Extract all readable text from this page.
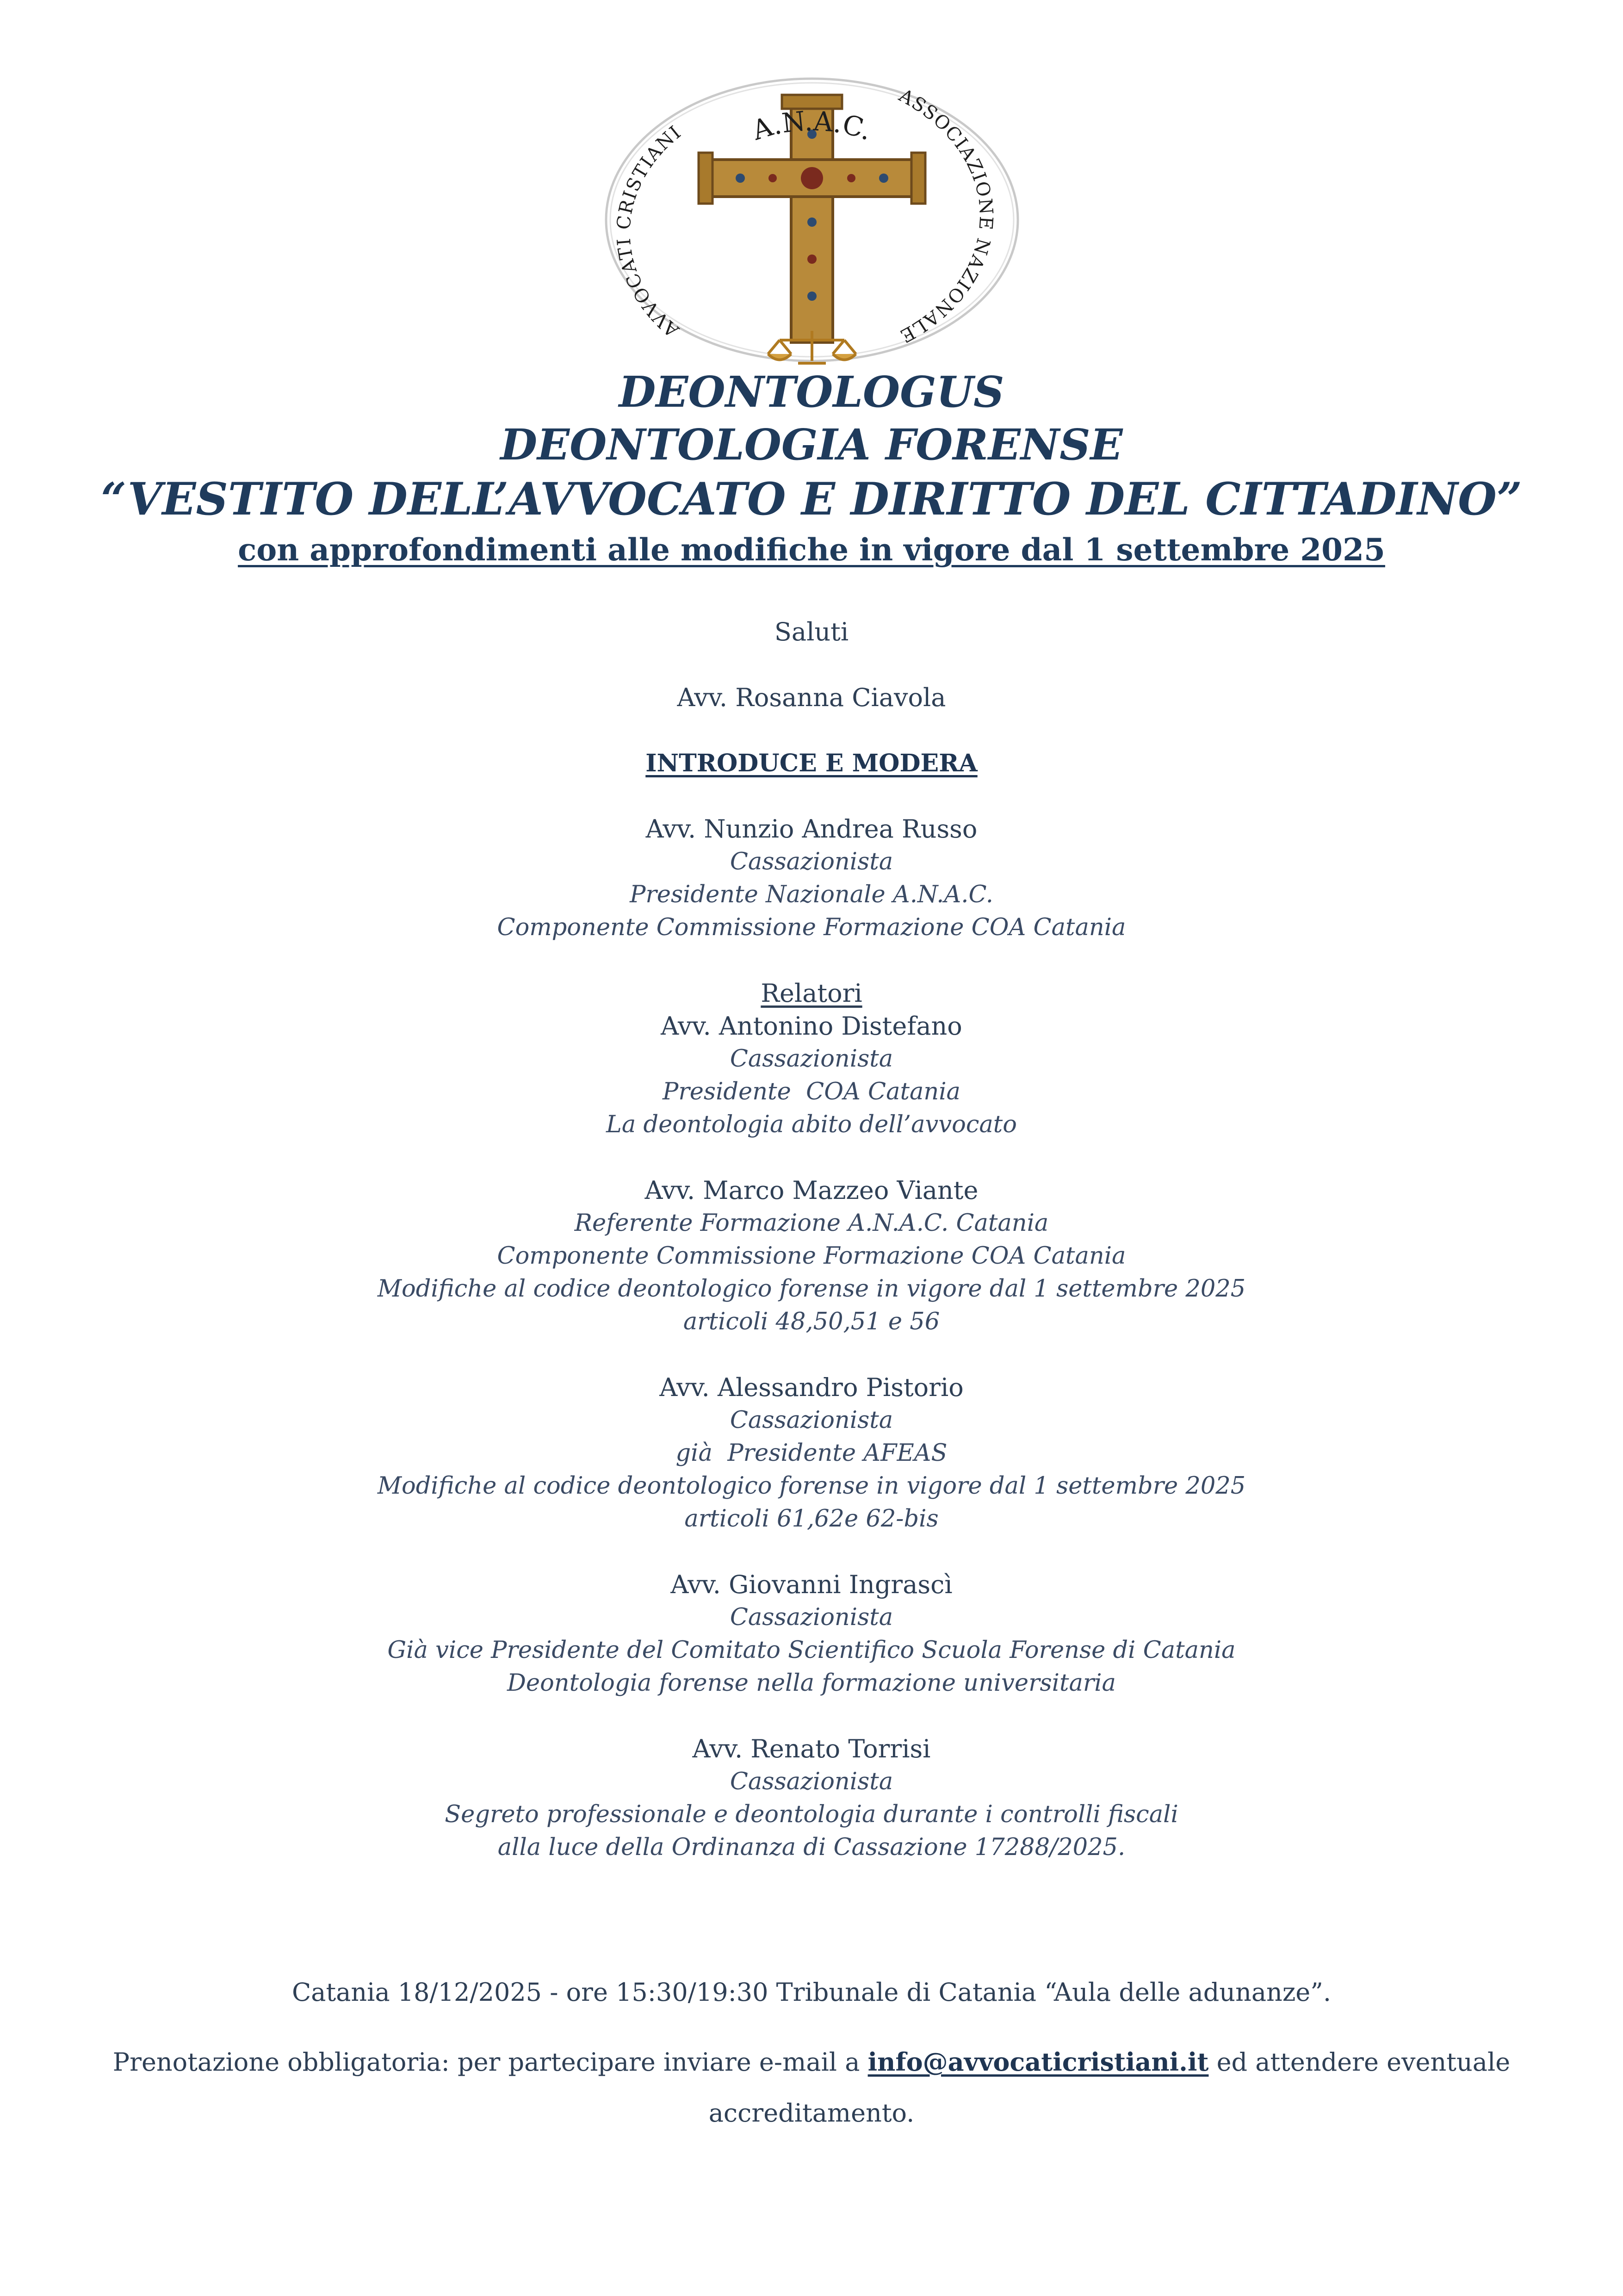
A.N.A.C.
AVVOCATI CRISTIANI
ASSOCIAZIONE NAZIONALE
DEONTOLOGUS
DEONTOLOGIA FORENSE
“VESTITO DELL’AVVOCATO E DIRITTO DEL CITTADINO”
con approfondimenti alle modifiche in vigore dal 1 settembre 2025

Saluti

Avv. Rosanna Ciavola

INTRODUCE E MODERA

Avv. Nunzio Andrea Russo

Cassazionista

Presidente Nazionale A.N.A.C.

Componente Commissione Formazione COA Catania

Relatori

Avv. Antonino Distefano

Cassazionista

Presidente  COA Catania

La deontologia abito dell’avvocato

Avv. Marco Mazzeo Viante

Referente Formazione A.N.A.C. Catania

Componente Commissione Formazione COA Catania

Modifiche al codice deontologico forense in vigore dal 1 settembre 2025

articoli 48,50,51 e 56

Avv. Alessandro Pistorio

Cassazionista

già  Presidente AFEAS

Modifiche al codice deontologico forense in vigore dal 1 settembre 2025

articoli 61,62e 62-bis

Avv. Giovanni Ingrascì

Cassazionista

Già vice Presidente del Comitato Scientifico Scuola Forense di Catania

Deontologia forense nella formazione universitaria

Avv. Renato Torrisi

Cassazionista

Segreto professionale e deontologia durante i controlli fiscali

alla luce della Ordinanza di Cassazione 17288/2025.

Catania 18/12/2025 - ore 15:30/19:30 Tribunale di Catania “Aula delle adunanze”.

Prenotazione obbligatoria: per partecipare inviare e-mail a info@avvocaticristiani.it ed attendere eventuale

accreditamento.
